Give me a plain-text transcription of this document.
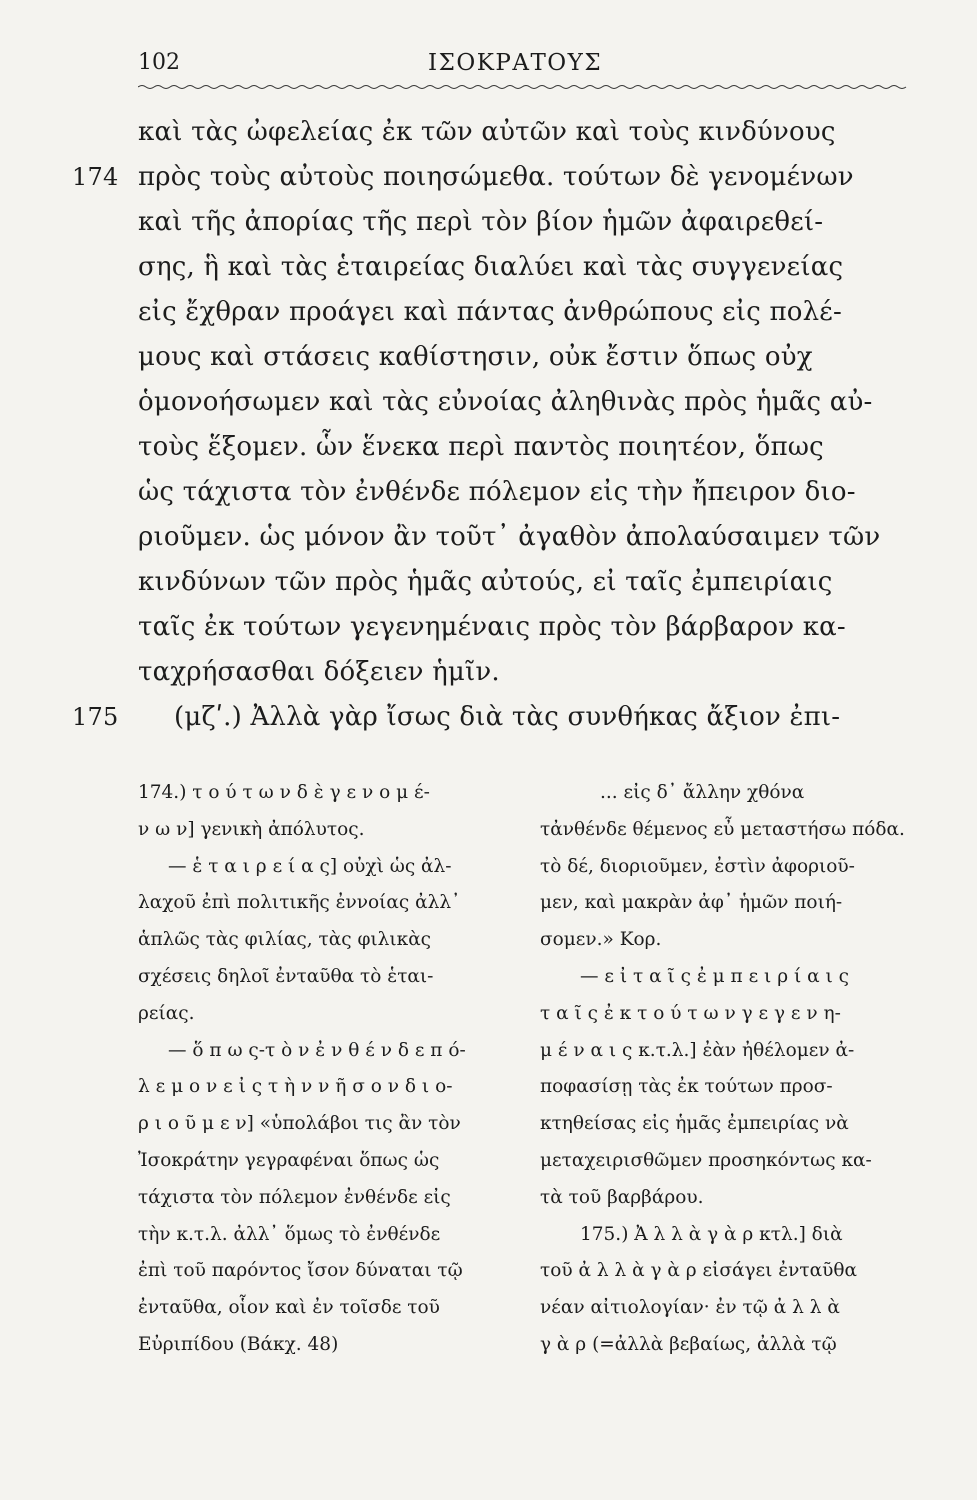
102	ΙΣΟΚΡΑΤΟΥΣ
καὶ τὰς ὠφελείας ἐκ τῶν αὐτῶν καὶ τοὺς κινδύνους
174 πρὸς τοὺς αὐτοὺς ποιησώμεθα. τούτων δὲ γενομένων
καὶ τῆς ἀπορίας τῆς περὶ τὸν βίον ἡμῶν ἀφαιρεθεί-
σης, ἣ καὶ τὰς ἑταιρείας διαλύει καὶ τὰς συγγενείας
εἰς ἔχθραν προάγει καὶ πάντας ἀνθρώπους εἰς πολέ-
μους καὶ στάσεις καθίστησιν, οὐκ ἔστιν ὅπως οὐχ
ὁμονοήσωμεν καὶ τὰς εὐνοίας ἀληθινὰς πρὸς ἡμᾶς αὐ-
τοὺς ἕξομεν. ὧν ἕνεκα περὶ παντὸς ποιητέον, ὅπως
ὡς τάχιστα τὸν ἐνθένδε πόλεμον εἰς τὴν ἤπειρον διο-
ριοῦμεν. ὡς μόνον ἂν τοῦτ᾽ ἀγαθὸν ἀπολαύσαιμεν τῶν
κινδύνων τῶν πρὸς ἡμᾶς αὐτούς, εἰ ταῖς ἐμπειρίαις
ταῖς ἐκ τούτων γεγενημέναις πρὸς τὸν βάρβαρον κα-
ταχρήσασθαι δόξειεν ἡμῖν.
175 (μζʹ.) Ἀλλὰ γὰρ ἴσως διὰ τὰς συνθήκας ἄξιον ἐπι-
174.) τ ο ύ τ ω ν δ ὲ γ ε ν ο μ έ-
ν ω ν] γενικὴ ἀπόλυτος.
— ἑ τ α ι ρ ε ί α ς] οὐχὶ ὡς ἀλ-
λαχοῦ ἐπὶ πολιτικῆς ἐννοίας ἀλλ᾽
ἁπλῶς τὰς φιλίας, τὰς φιλικὰς
σχέσεις δηλοῖ ἐνταῦθα τὸ ἑται-
ρείας.
— ὅ π ω ς-τ ὸ ν ἐ ν θ έ ν δ ε π ό-
λ ε μ ο ν ε ἰ ς τ ὴ ν ν ῆ σ ο ν δ ι ο-
ρ ι ο ῦ μ ε ν] «ὑπολάβοι τις ἂν τὸν
Ἰσοκράτην γεγραφέναι ὅπως ὡς
τάχιστα τὸν πόλεμον ἐνθένδε εἰς
τὴν κ.τ.λ. ἀλλ᾽ ὅμως τὸ ἐνθένδε
ἐπὶ τοῦ παρόντος ἴσον δύναται τῷ
ἐνταῦθα, οἷον καὶ ἐν τοῖσδε τοῦ
Εὐριπίδου (Βάκχ. 48)
... εἰς δ᾽ ἄλλην χθόνα
τἀνθένδε θέμενος εὖ μεταστήσω πόδα.
τὸ δέ, διοριοῦμεν, ἐστὶν ἀφοριοῦ-
μεν, καὶ μακρὰν ἀφ᾽ ἡμῶν ποιή-
σομεν.» Κορ.
— ε ἰ τ α ῖ ς ἐ μ π ε ι ρ ί α ι ς
τ α ῖ ς ἐ κ τ ο ύ τ ω ν γ ε γ ε ν η-
μ έ ν α ι ς κ.τ.λ.] ἐὰν ἠθέλομεν ἀ-
ποφασίσῃ τὰς ἐκ τούτων προσ-
κτηθείσας εἰς ἡμᾶς ἐμπειρίας νὰ
μεταχειρισθῶμεν προσηκόντως κα-
τὰ τοῦ βαρβάρου.
175.) Ἀ λ λ ὰ γ ὰ ρ κτλ.] διὰ
τοῦ ἀ λ λ ὰ γ ὰ ρ εἰσάγει ἐνταῦθα
νέαν αἰτιολογίαν· ἐν τῷ ἀ λ λ ὰ
γ ὰ ρ (=ἀλλὰ βεβαίως, ἀλλὰ τῷ
